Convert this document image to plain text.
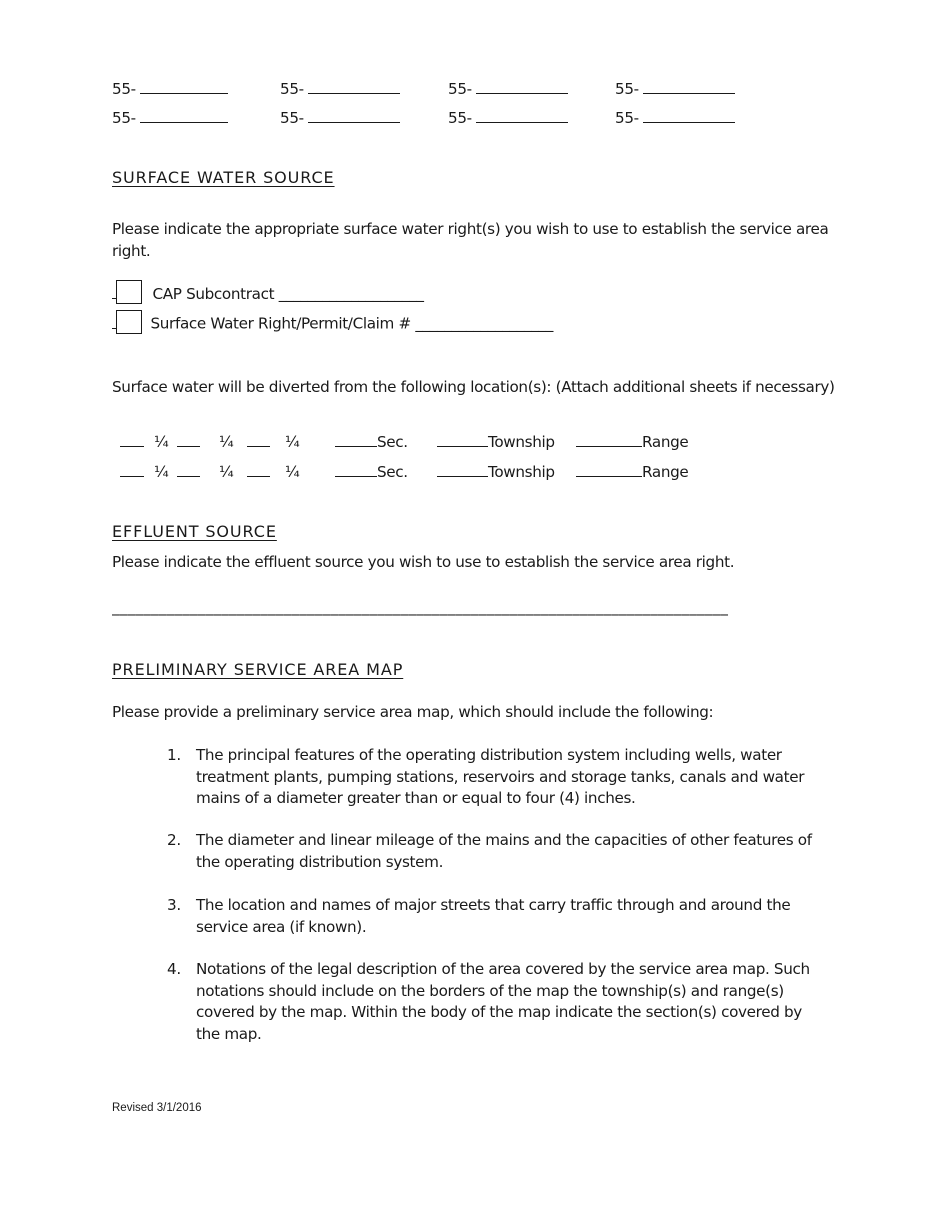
55-	55-	55-	55-
55-	55-	55-	55-
SURFACE WATER SOURCE
Please indicate the appropriate surface water right(s) you wish to use to establish the service area right.
CAP Subcontract ____________________
Surface Water Right/Permit/Claim # ___________________
Surface water will be diverted from the following location(s): (Attach additional sheets if necessary)
¼	¼	¼	Sec.	Township	Range
¼	¼	¼	Sec.	Township	Range
EFFLUENT SOURCE
Please indicate the effluent source you wish to use to establish the service area right.
_______________________________________________________________________________
PRELIMINARY SERVICE AREA MAP
Please provide a preliminary service area map, which should include the following:
1. The principal features of the operating distribution system including wells, water treatment plants, pumping stations, reservoirs and storage tanks, canals and water mains of a diameter greater than or equal to four (4) inches.
2. The diameter and linear mileage of the mains and the capacities of other features of the operating distribution system.
3. The location and names of major streets that carry traffic through and around the service area (if known).
4. Notations of the legal description of the area covered by the service area map. Such notations should include on the borders of the map the township(s) and range(s) covered by the map. Within the body of the map indicate the section(s) covered by the map.
Revised 3/1/2016
